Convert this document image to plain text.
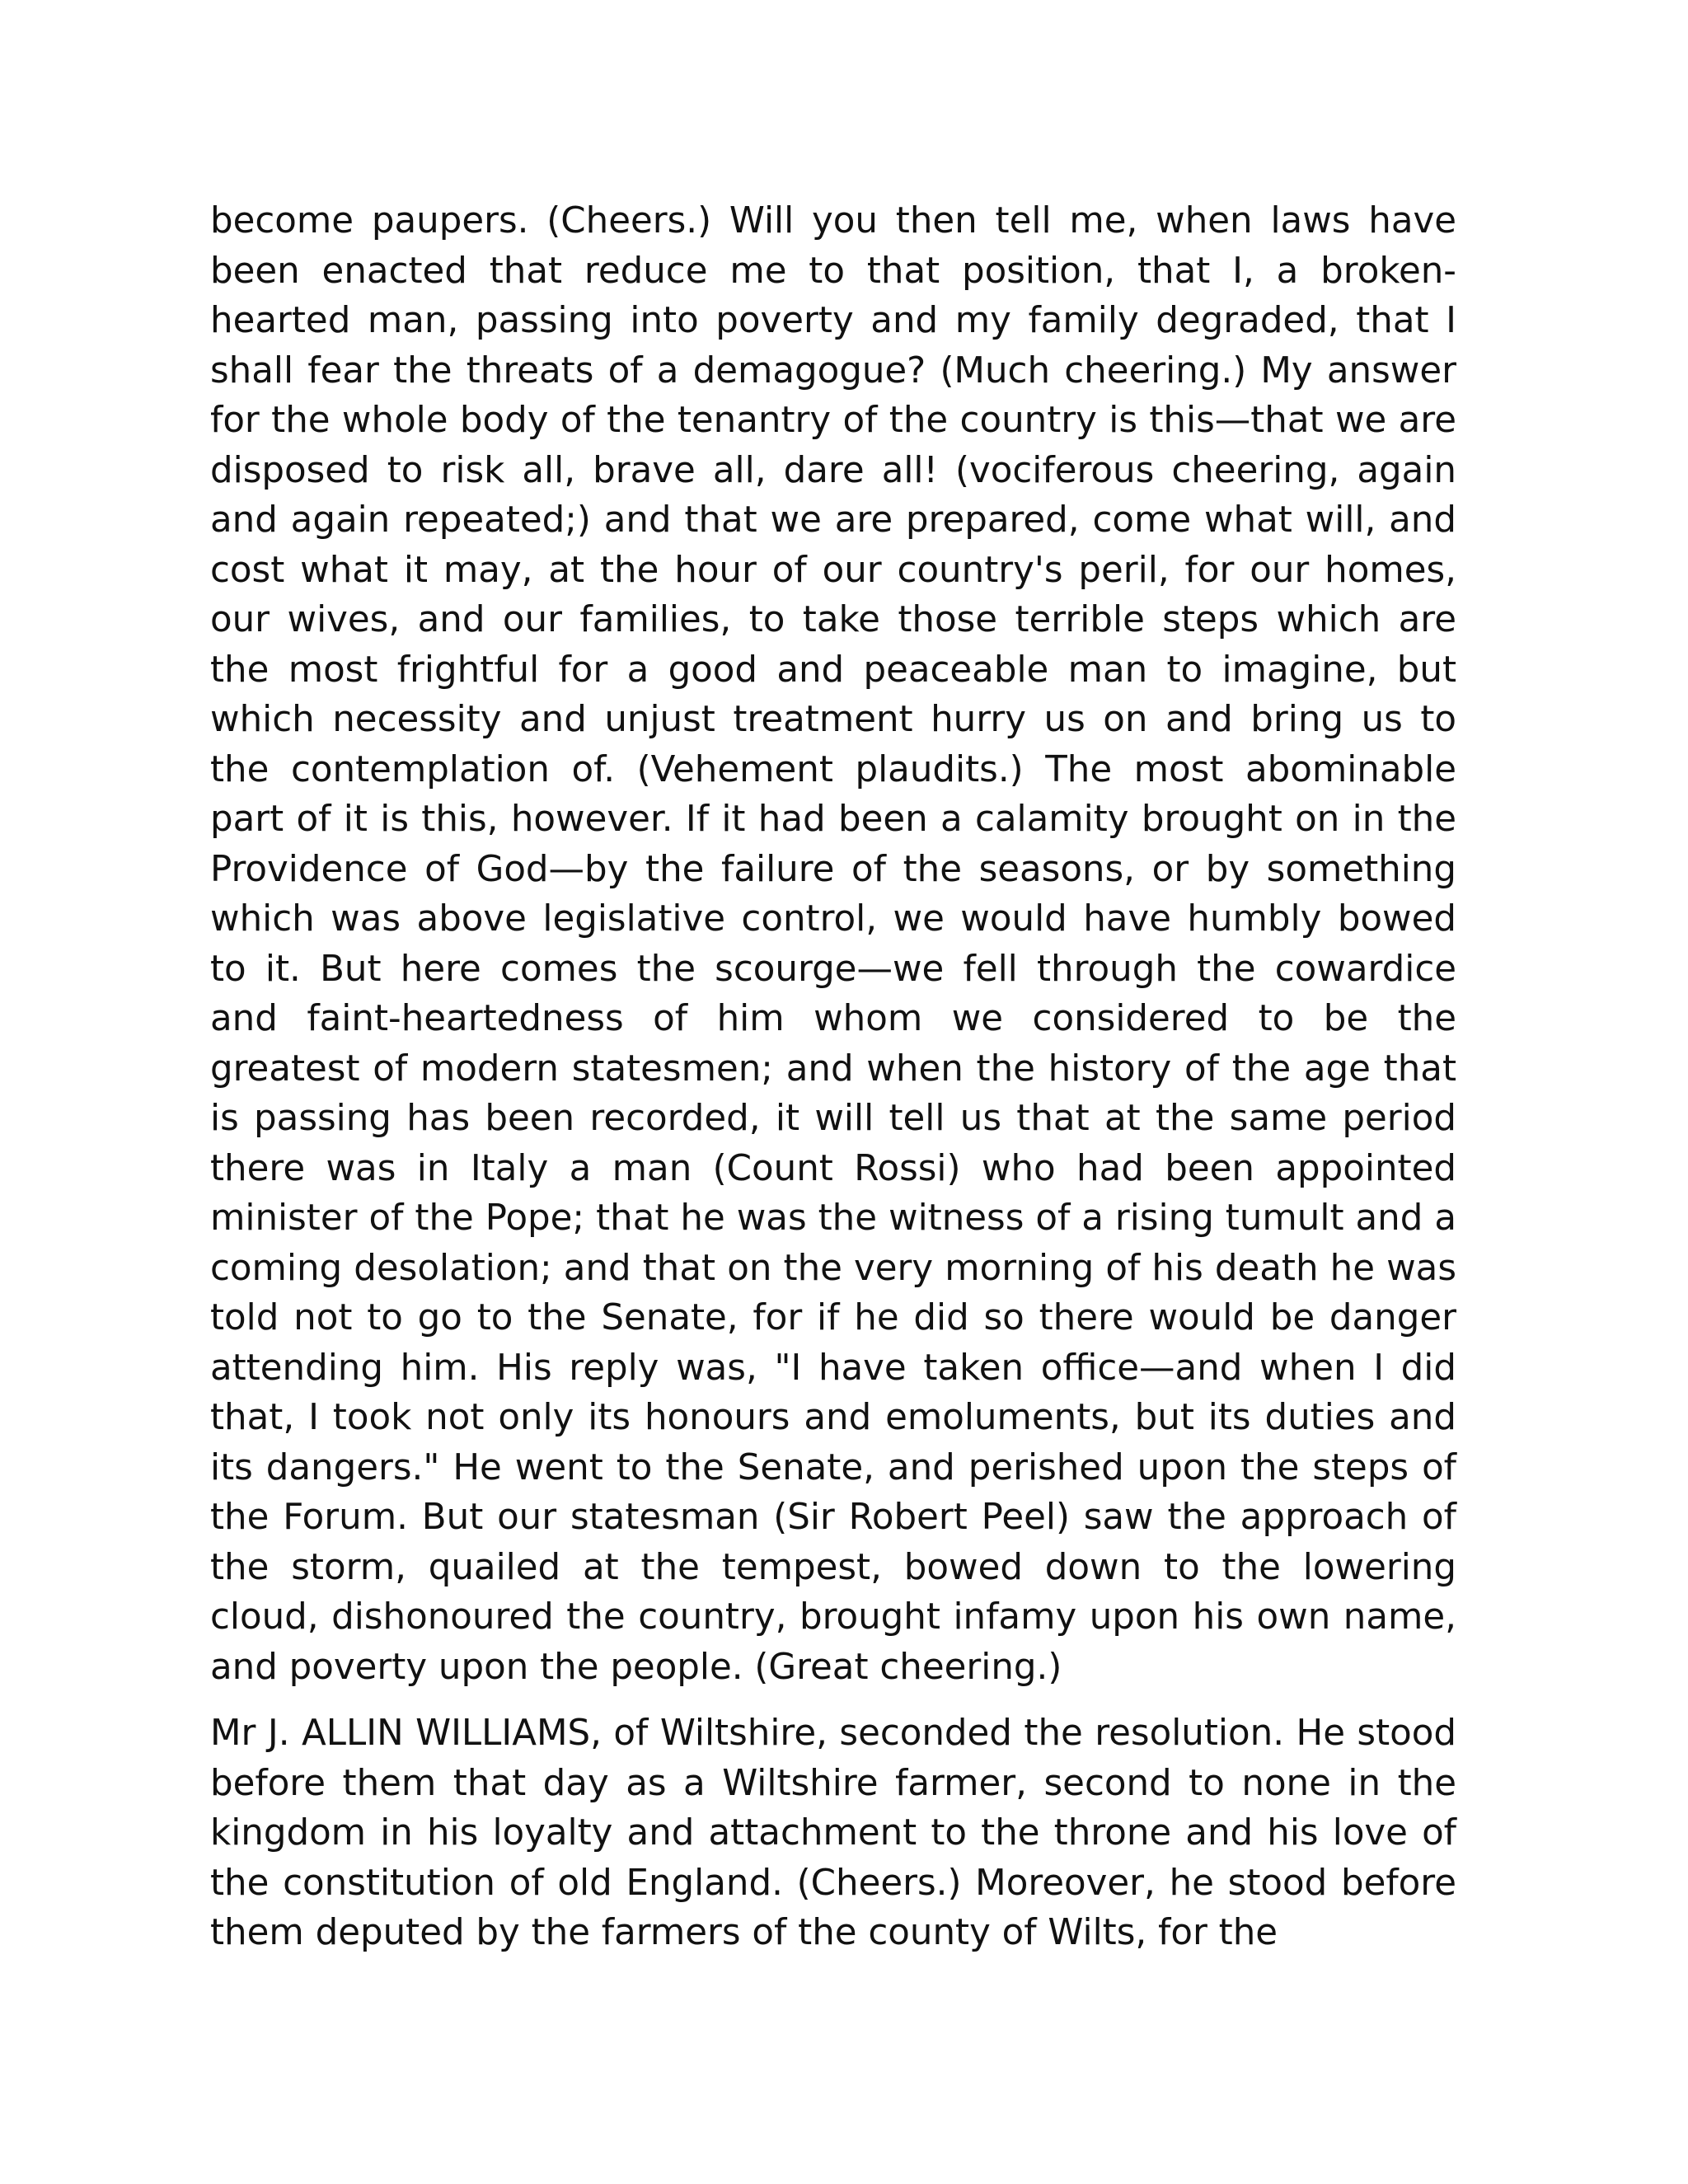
become paupers. (Cheers.) Will you then tell me, when laws have been enacted that reduce me to that position, that I, a broken-hearted man, passing into poverty and my family degraded, that I shall fear the threats of a demagogue? (Much cheering.) My answer for the whole body of the tenantry of the country is this—that we are disposed to risk all, brave all, dare all! (vociferous cheering, again and again repeated;) and that we are prepared, come what will, and cost what it may, at the hour of our country's peril, for our homes, our wives, and our families, to take those terrible steps which are the most frightful for a good and peaceable man to imagine, but which necessity and unjust treatment hurry us on and bring us to the contemplation of. (Vehement plaudits.) The most abominable part of it is this, however. If it had been a calamity brought on in the Providence of God—by the failure of the seasons, or by something which was above legislative control, we would have humbly bowed to it. But here comes the scourge—we fell through the cowardice and faint-heartedness of him whom we considered to be the greatest of modern statesmen; and when the history of the age that is passing has been recorded, it will tell us that at the same period there was in Italy a man (Count Rossi) who had been appointed minister of the Pope; that he was the witness of a rising tumult and a coming desolation; and that on the very morning of his death he was told not to go to the Senate, for if he did so there would be danger attending him. His reply was, "I have taken office—and when I did that, I took not only its honours and emoluments, but its duties and its dangers." He went to the Senate, and perished upon the steps of the Forum. But our statesman (Sir Robert Peel) saw the approach of the storm, quailed at the tempest, bowed down to the lowering cloud, dishonoured the country, brought infamy upon his own name, and poverty upon the people. (Great cheering.)

Mr J. ALLIN WILLIAMS, of Wiltshire, seconded the resolution. He stood before them that day as a Wiltshire farmer, second to none in the kingdom in his loyalty and attachment to the throne and his love of the constitution of old England. (Cheers.) Moreover, he stood before them deputed by the farmers of the county of Wilts, for the
